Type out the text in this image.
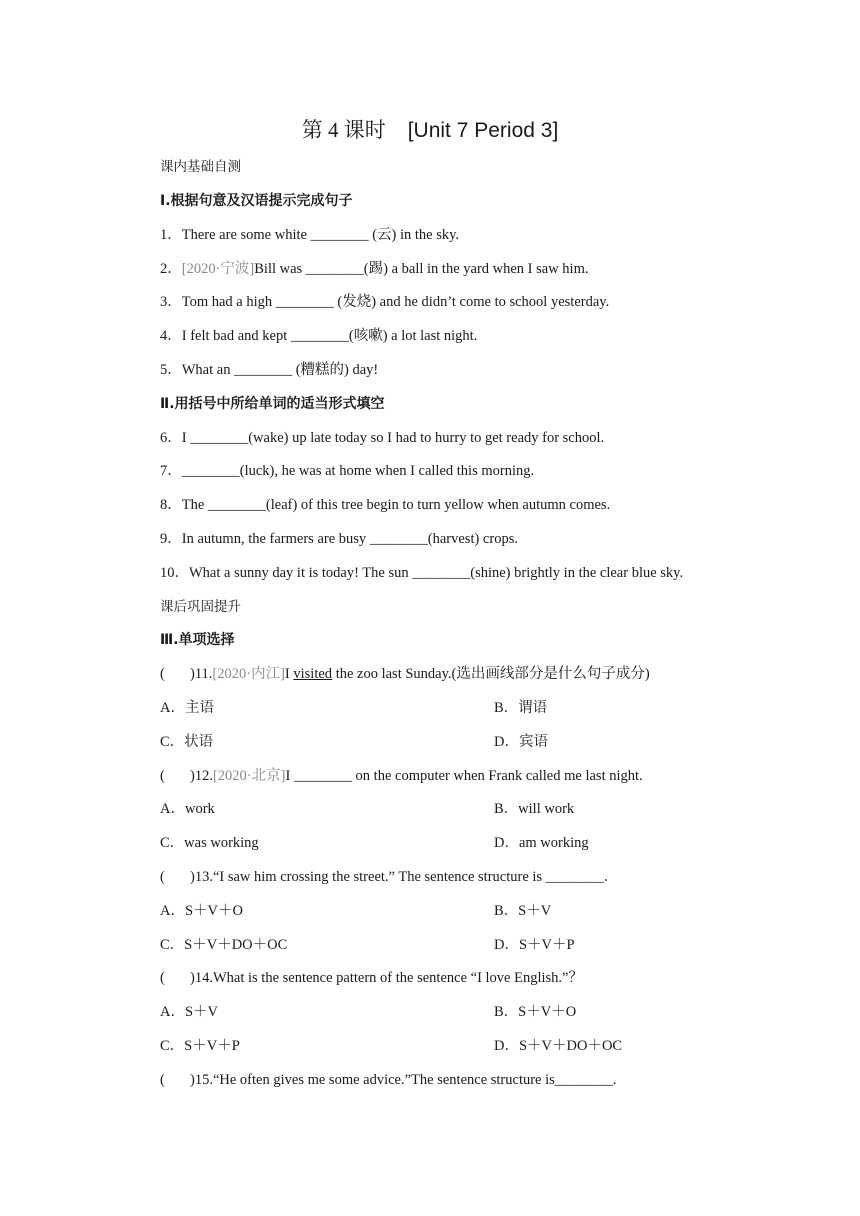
第 4 课时 [Unit 7 Period 3]
课内基础自测
Ⅰ.根据句意及汉语提示完成句子
1．There are some white ________ (云) in the sky.
2．[2020·宁波]Bill was ________(踢) a ball in the yard when I saw him.
3．Tom had a high ________ (发烧) and he didn’t come to school yesterday.
4．I felt bad and kept ________(咳嗽) a lot last night.
5．What an ________ (糟糕的) day!
Ⅱ.用括号中所给单词的适当形式填空
6．I ________(wake) up late today so I had to hurry to get ready for school.
7．________(luck), he was at home when I called this morning.
8．The ________(leaf) of this tree begin to turn yellow when autumn comes.
9．In autumn, the farmers are busy ________(harvest) crops.
10．What a sunny day it is today! The sun ________(shine) brightly in the clear blue sky.
课后巩固提升
Ⅲ.单项选择
( )11.[2020·内江]I visited the zoo last Sunday.(选出画线部分是什么句子成分)
A．主语	B．谓语
C．状语	D．宾语
( )12.[2020·北京]I ________ on the computer when Frank called me last night.
A．work	B．will work
C．was working	D．am working
( )13.“I saw him crossing the street.” The sentence structure is ________．
A．S＋V＋O	B．S＋V
C．S＋V＋DO＋OC	D．S＋V＋P
( )14.What is the sentence pattern of the sentence “I love English.”？
A．S＋V	B．S＋V＋O
C．S＋V＋P	D．S＋V＋DO＋OC
( )15.“He often gives me some advice.”The sentence structure is________.
